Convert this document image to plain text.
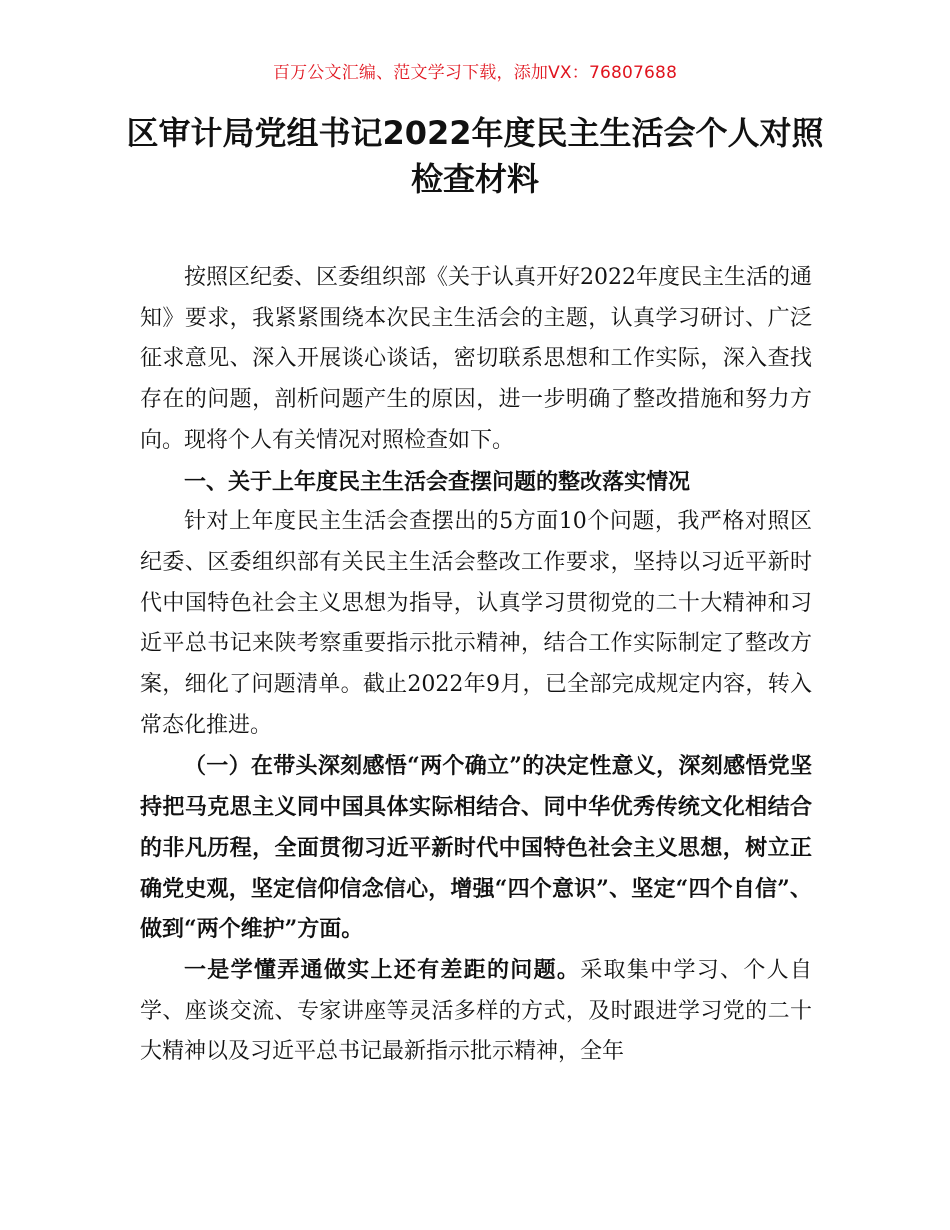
百万公文汇编、范文学习下载，添加VX：76807688
区审计局党组书记2022年度民主生活会个人对照检查材料

按照区纪委、区委组织部《关于认真开好2022年度民主生活的通知》要求，我紧紧围绕本次民主生活会的主题，认真学习研讨、广泛征求意见、深入开展谈心谈话，密切联系思想和工作实际，深入查找存在的问题，剖析问题产生的原因，进一步明确了整改措施和努力方向。现将个人有关情况对照检查如下。

一、关于上年度民主生活会查摆问题的整改落实情况

针对上年度民主生活会查摆出的5方面10个问题，我严格对照区纪委、区委组织部有关民主生活会整改工作要求，坚持以习近平新时代中国特色社会主义思想为指导，认真学习贯彻党的二十大精神和习近平总书记来陕考察重要指示批示精神，结合工作实际制定了整改方案，细化了问题清单。截止2022年9月，已全部完成规定内容，转入常态化推进。

（一）在带头深刻感悟“两个确立”的决定性意义，深刻感悟党坚持把马克思主义同中国具体实际相结合、同中华优秀传统文化相结合的非凡历程，全面贯彻习近平新时代中国特色社会主义思想，树立正确党史观，坚定信仰信念信心，增强“四个意识”、坚定“四个自信”、做到“两个维护”方面。

一是学懂弄通做实上还有差距的问题。采取集中学习、个人自学、座谈交流、专家讲座等灵活多样的方式，及时跟进学习党的二十大精神以及习近平总书记最新指示批示精神，全年
